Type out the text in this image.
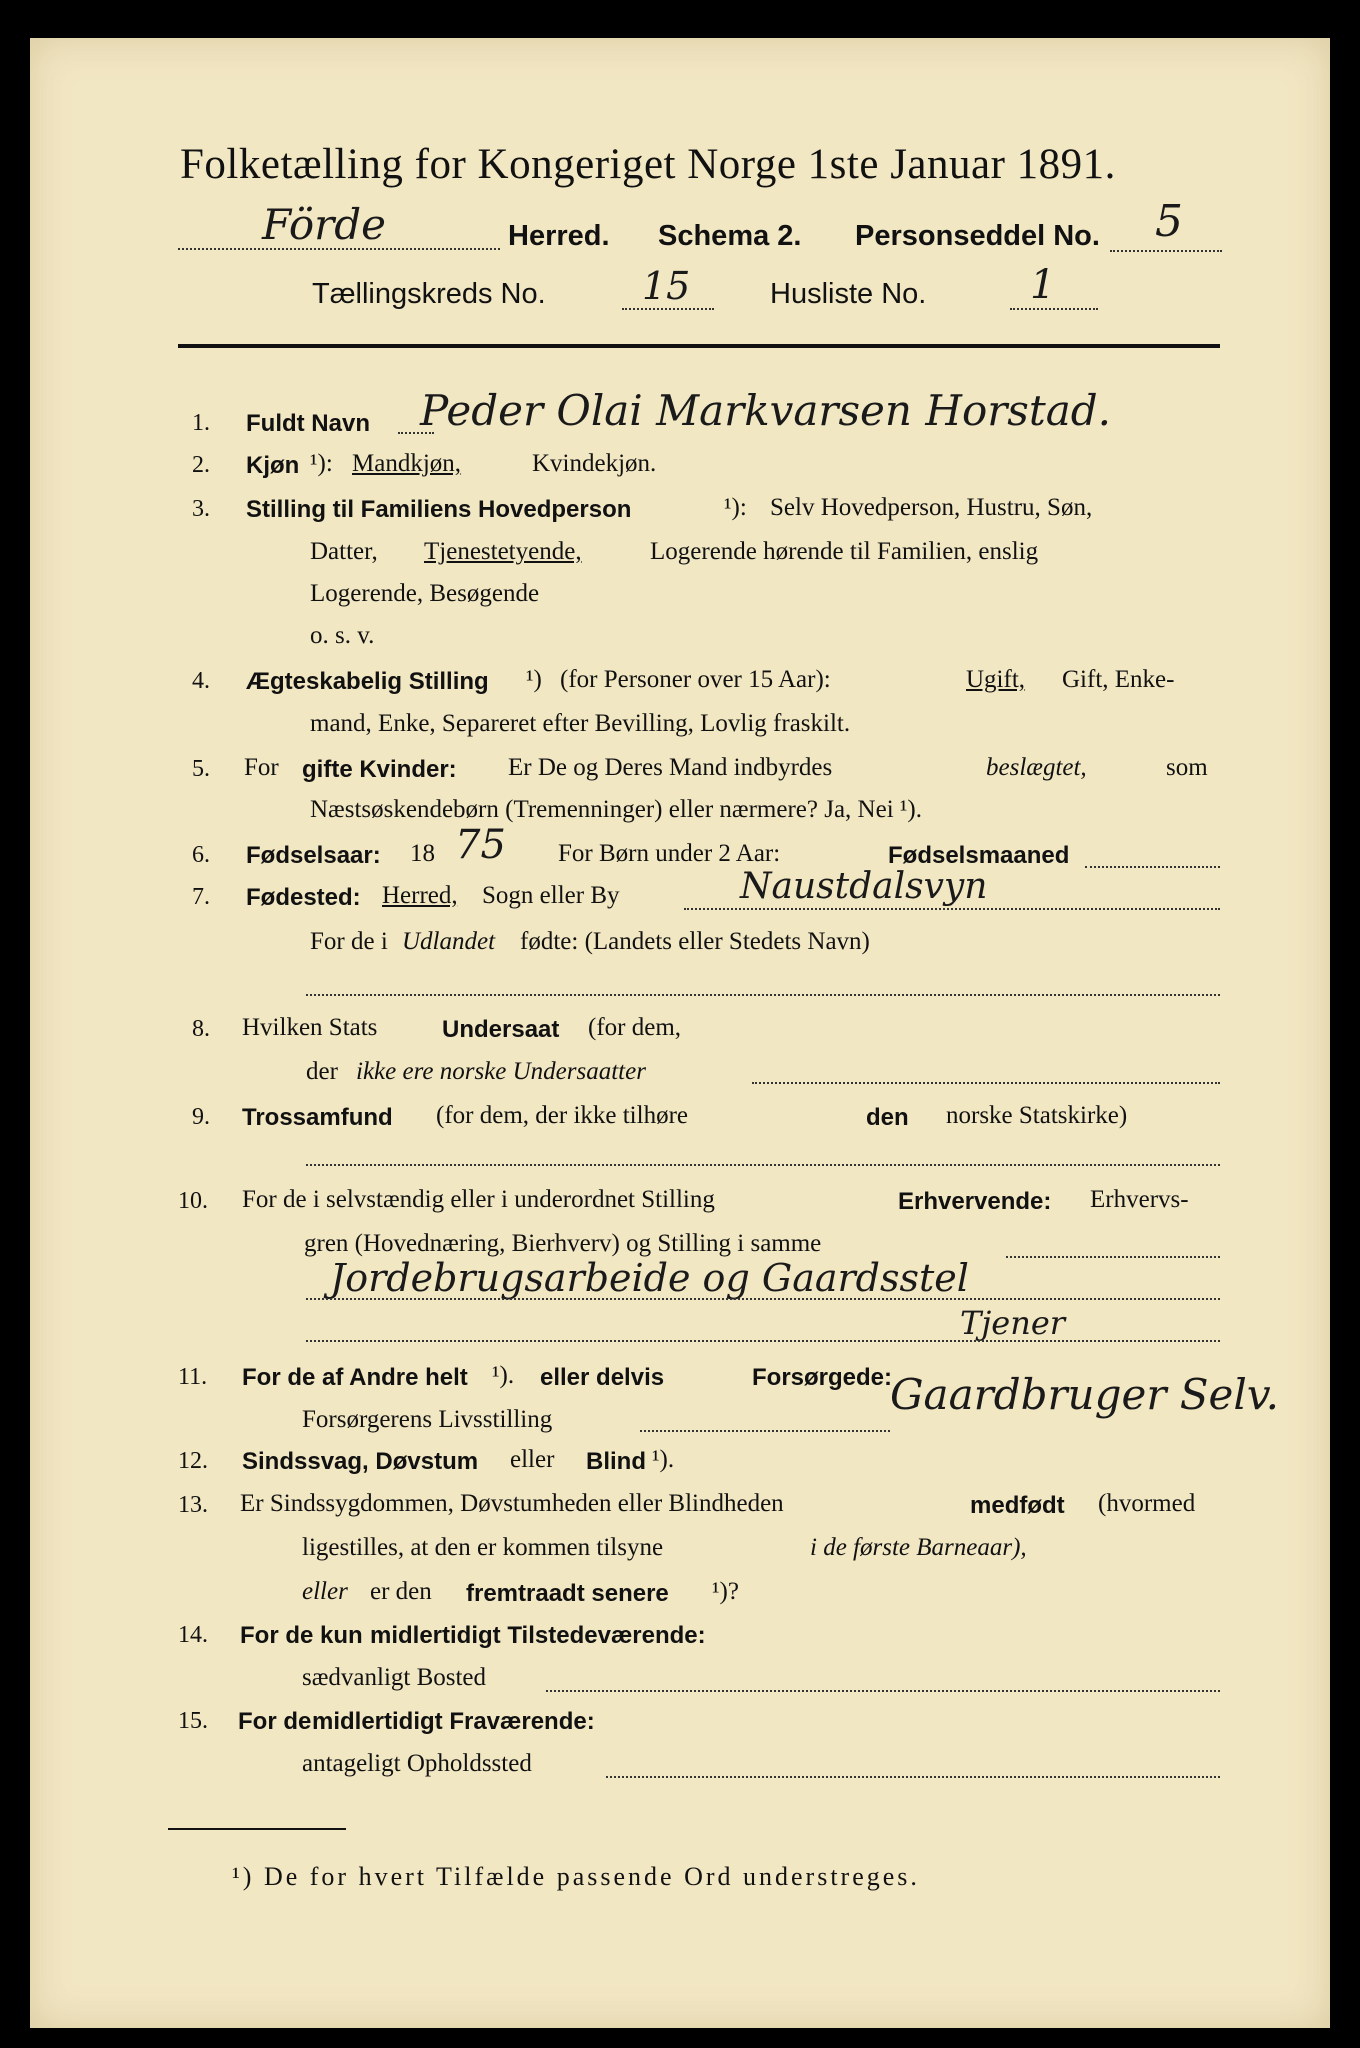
Folketælling for Kongeriget Norge 1ste Januar 1891.
Förde	Herred. Schema 2. Personseddel No. 5
Tællingskreds No.	15	Husliste No.	1
1. Fuldt Navn Peder Olai Markvarsen Horstad.
2. Kjøn ¹): Mandkjøn,	Kvindekjøn.
3. Stilling til Familiens Hovedperson	¹): Selv Hovedperson, Hustru, Søn,
Datter, Tjenestetyende,	Logerende hørende til Familien, enslig
Logerende, Besøgende
o. s. v.
4. Ægteskabelig Stilling ¹) (for Personer over 15 Aar):	Ugift, Gift, Enke-
mand, Enke, Separeret efter Bevilling, Lovlig fraskilt.
5. For gifte Kvinder: Er De og Deres Mand indbyrdes	beslægtet,	som
Næstsøskendebørn (Tremenninger) eller nærmere? Ja, Nei ¹).
6. Fødselsaar: 18 75 For Børn under 2 Aar:	Fødselsmaaned
7. Fødested: Herred, Sogn eller By	Naustdalsvyn
For de i Udlandet fødte: (Landets eller Stedets Navn)
8. Hvilken Stats	Undersaat (for dem,
der ikke ere norske Undersaatter
9. Trossamfund (for dem, der ikke tilhøre	den norske Statskirke)
10. For de i selvstændig eller i underordnet Stilling	Erhvervende: Erhvervs-
gren (Hovednæring, Bierhverv) og Stilling i samme
Jordebrugsarbeide og Gaardsstel
Tjener
11. For de af Andre helt ¹). eller delvis	Forsørgede:
Forsørgerens Livsstilling
Gaardbruger Selv.
12. Sindssvag, Døvstum eller Blind ¹).
13. Er Sindssygdommen, Døvstumheden eller Blindheden	medfødt (hvormed
ligestilles, at den er kommen tilsyne	i de første Barneaar),
eller er den fremtraadt senere ¹)?
14. For de kun midlertidigt Tilstedeværende:
sædvanligt Bosted
15. For de midlertidigt Fraværende:
antageligt Opholdssted
¹) De for hvert Tilfælde passende Ord understreges.
